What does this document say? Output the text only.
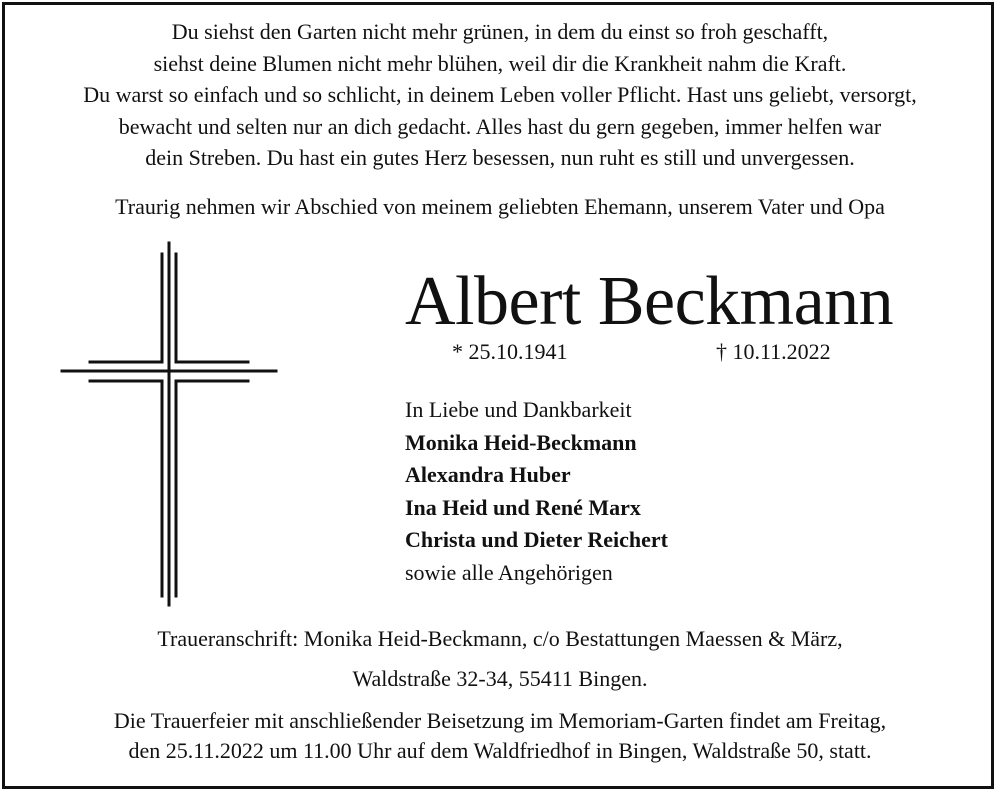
Du siehst den Garten nicht mehr grünen, in dem du einst so froh geschafft,
siehst deine Blumen nicht mehr blühen, weil dir die Krankheit nahm die Kraft.
Du warst so einfach und so schlicht, in deinem Leben voller Pflicht. Hast uns geliebt, versorgt,
bewacht und selten nur an dich gedacht. Alles hast du gern gegeben, immer helfen war
dein Streben. Du hast ein gutes Herz besessen, nun ruht es still und unvergessen.
Traurig nehmen wir Abschied von meinem geliebten Ehemann, unserem Vater und Opa
Albert Beckmann
* 25.10.1941	† 10.11.2022
In Liebe und Dankbarkeit
Monika Heid-Beckmann
Alexandra Huber
Ina Heid und René Marx
Christa und Dieter Reichert
sowie alle Angehörigen
Traueranschrift: Monika Heid-Beckmann, c/o Bestattungen Maessen & März,
Waldstraße 32-34, 55411 Bingen.
Die Trauerfeier mit anschließender Beisetzung im Memoriam-Garten findet am Freitag,
den 25.11.2022 um 11.00 Uhr auf dem Waldfriedhof in Bingen, Waldstraße 50, statt.
